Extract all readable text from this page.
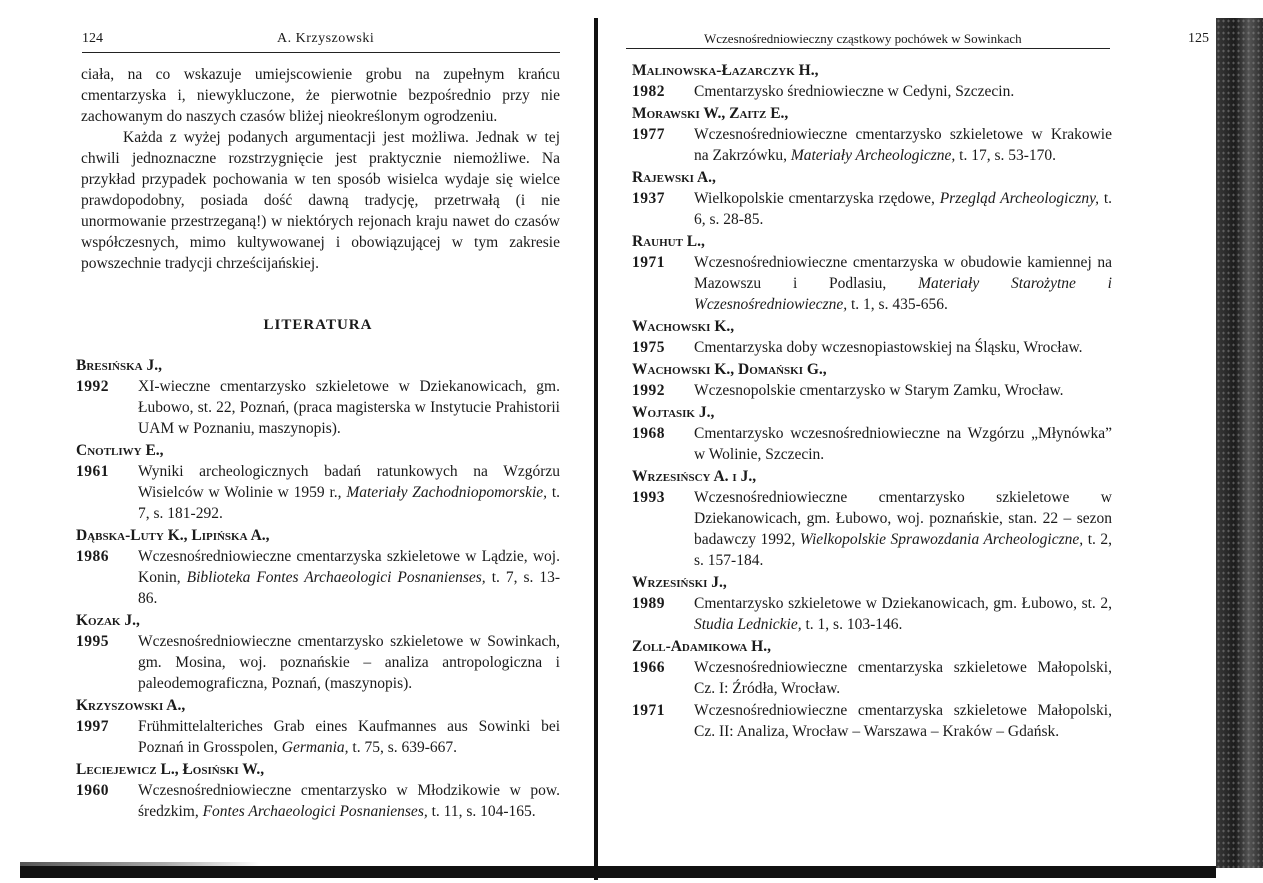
124	A. Krzyszowski

ciała, na co wskazuje umiejscowienie grobu na zupełnym krańcu cmentarzyska i, niewykluczone, że pierwotnie bezpośrednio przy nie zachowanym do naszych czasów bliżej nieokreślonym ogrodzeniu.

Każda z wyżej podanych argumentacji jest możliwa. Jednak w tej chwili jednoznaczne rozstrzygnięcie jest praktycznie niemożliwe. Na przykład przypadek pochowania w ten sposób wisielca wydaje się wielce prawdopodobny, posiada dość dawną tradycję, przetrwałą (i nie unormowanie przestrzeganą!) w niektórych rejonach kraju nawet do czasów współczesnych, mimo kultywowanej i obowiązującej w tym zakresie powszechnie tradycji chrześcijańskiej.

LITERATURA
Bresińska J.,
1992	XI-wieczne cmentarzysko szkieletowe w Dziekanowicach, gm. Łubowo, st. 22, Poznań, (praca magisterska w Instytucie Prahistorii UAM w Poznaniu, maszynopis).
Cnotliwy E.,
1961	Wyniki archeologicznych badań ratunkowych na Wzgórzu Wisielców w Wolinie w 1959 r., Materiały Zachodniopomorskie, t. 7, s. 181-292.
Dąbska-Luty K., Lipińska A.,
1986	Wczesnośredniowieczne cmentarzyska szkieletowe w Lądzie, woj. Konin, Biblioteka Fontes Archaeologici Posnanienses, t. 7, s. 13-86.
Kozak J.,
1995	Wczesnośredniowieczne cmentarzysko szkieletowe w Sowinkach, gm. Mosina, woj. poznańskie – analiza antropologiczna i paleodemograficzna, Poznań, (maszynopis).
Krzyszowski A.,
1997	Frühmittelalteriches Grab eines Kaufmannes aus Sowinki bei Poznań in Grosspolen, Germania, t. 75, s. 639-667.
Leciejewicz L., Łosiński W.,
1960	Wczesnośredniowieczne cmentarzysko w Młodzikowie w pow. średzkim, Fontes Archaeologici Posnanienses, t. 11, s. 104-165.
Wczesnośredniowieczny cząstkowy pochówek w Sowinkach	125
Malinowska-Łazarczyk H.,
1982	Cmentarzysko średniowieczne w Cedyni, Szczecin.
Morawski W., Zaitz E.,
1977	Wczesnośredniowieczne cmentarzysko szkieletowe w Krakowie na Zakrzówku, Materiały Archeologiczne, t. 17, s. 53-170.
Rajewski A.,
1937	Wielkopolskie cmentarzyska rzędowe, Przegląd Archeologiczny, t. 6, s. 28-85.
Rauhut L.,
1971	Wczesnośredniowieczne cmentarzyska w obudowie kamiennej na Mazowszu i Podlasiu, Materiały Starożytne i Wczesnośredniowieczne, t. 1, s. 435-656.
Wachowski K.,
1975	Cmentarzyska doby wczesnopiastowskiej na Śląsku, Wrocław.
Wachowski K., Domański G.,
1992	Wczesnopolskie cmentarzysko w Starym Zamku, Wrocław.
Wojtasik J.,
1968	Cmentarzysko wczesnośredniowieczne na Wzgórzu „Młynówka” w Wolinie, Szczecin.
Wrzesińscy A. i J.,
1993	Wczesnośredniowieczne cmentarzysko szkieletowe w Dziekanowicach, gm. Łubowo, woj. poznańskie, stan. 22 – sezon badawczy 1992, Wielkopolskie Sprawozdania Archeologiczne, t. 2, s. 157-184.
Wrzesiński J.,
1989	Cmentarzysko szkieletowe w Dziekanowicach, gm. Łubowo, st. 2, Studia Lednickie, t. 1, s. 103-146.
Zoll-Adamikowa H.,
1966	Wczesnośredniowieczne cmentarzyska szkieletowe Małopolski, Cz. I: Źródła, Wrocław.
1971	Wczesnośredniowieczne cmentarzyska szkieletowe Małopolski, Cz. II: Analiza, Wrocław – Warszawa – Kraków – Gdańsk.
